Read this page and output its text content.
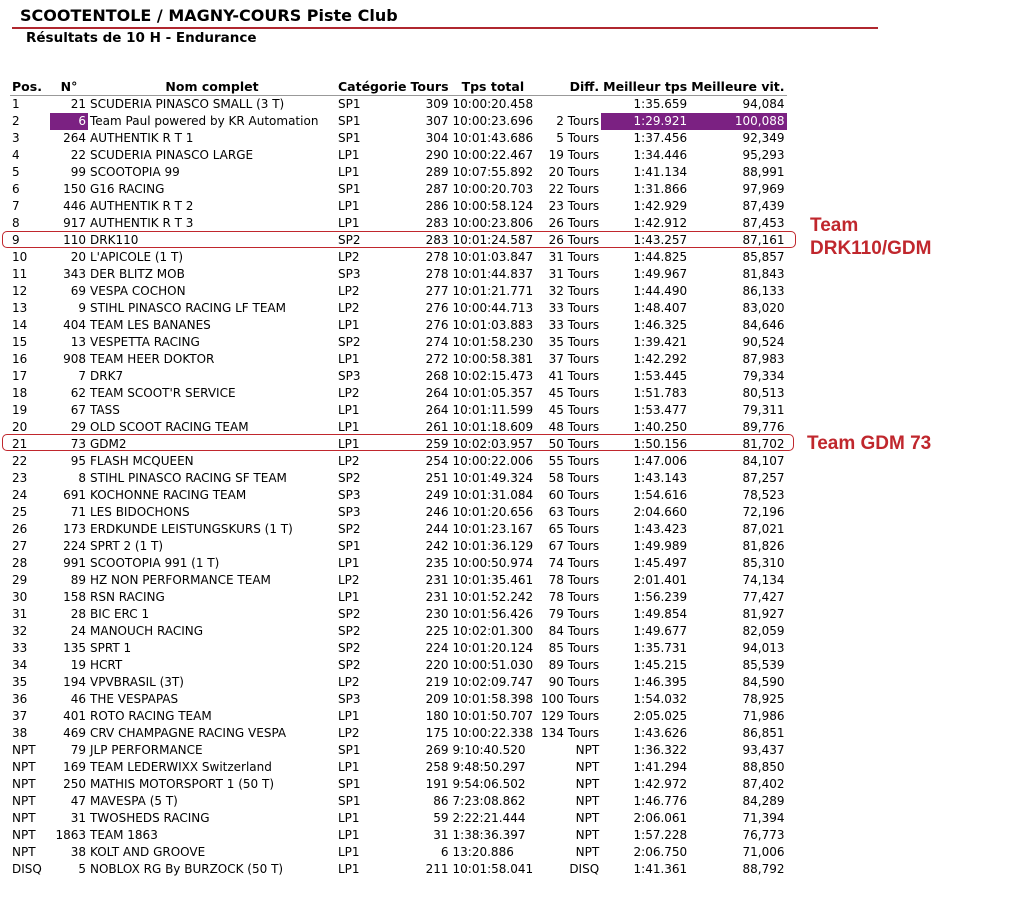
SCOOTENTOLE / MAGNY-COURS Piste Club
Résultats de 10 H - Endurance
Pos.	N°	Nom complet	Catégorie	Tours	Tps total	Diff.	Meilleur tps	Meilleure vit.
1	21	SCUDERIA PINASCO SMALL (3 T)	SP1	309	10:00:20.458		1:35.659	94,084
2	6	Team Paul powered by KR Automation	SP1	307	10:00:23.696	2 Tours	1:29.921	100,088
3	264	AUTHENTIK R T 1	SP1	304	10:01:43.686	5 Tours	1:37.456	92,349
4	22	SCUDERIA PINASCO LARGE	LP1	290	10:00:22.467	19 Tours	1:34.446	95,293
5	99	SCOOTOPIA 99	LP1	289	10:07:55.892	20 Tours	1:41.134	88,991
6	150	G16 RACING	SP1	287	10:00:20.703	22 Tours	1:31.866	97,969
7	446	AUTHENTIK R T 2	LP1	286	10:00:58.124	23 Tours	1:42.929	87,439
8	917	AUTHENTIK R T 3	LP1	283	10:00:23.806	26 Tours	1:42.912	87,453
9	110	DRK110	SP2	283	10:01:24.587	26 Tours	1:43.257	87,161
10	20	L'APICOLE (1 T)	LP2	278	10:01:03.847	31 Tours	1:44.825	85,857
11	343	DER BLITZ MOB	SP3	278	10:01:44.837	31 Tours	1:49.967	81,843
12	69	VESPA COCHON	LP2	277	10:01:21.771	32 Tours	1:44.490	86,133
13	9	STIHL PINASCO RACING LF TEAM	LP2	276	10:00:44.713	33 Tours	1:48.407	83,020
14	404	TEAM LES BANANES	LP1	276	10:01:03.883	33 Tours	1:46.325	84,646
15	13	VESPETTA RACING	SP2	274	10:01:58.230	35 Tours	1:39.421	90,524
16	908	TEAM HEER DOKTOR	LP1	272	10:00:58.381	37 Tours	1:42.292	87,983
17	7	DRK7	SP3	268	10:02:15.473	41 Tours	1:53.445	79,334
18	62	TEAM SCOOT'R SERVICE	LP2	264	10:01:05.357	45 Tours	1:51.783	80,513
19	67	TASS	LP1	264	10:01:11.599	45 Tours	1:53.477	79,311
20	29	OLD SCOOT RACING TEAM	LP1	261	10:01:18.609	48 Tours	1:40.250	89,776
21	73	GDM2	LP1	259	10:02:03.957	50 Tours	1:50.156	81,702
22	95	FLASH MCQUEEN	LP2	254	10:00:22.006	55 Tours	1:47.006	84,107
23	8	STIHL PINASCO RACING SF TEAM	SP2	251	10:01:49.324	58 Tours	1:43.143	87,257
24	691	KOCHONNE RACING TEAM	SP3	249	10:01:31.084	60 Tours	1:54.616	78,523
25	71	LES BIDOCHONS	SP3	246	10:01:20.656	63 Tours	2:04.660	72,196
26	173	ERDKUNDE LEISTUNGSKURS (1 T)	SP2	244	10:01:23.167	65 Tours	1:43.423	87,021
27	224	SPRT 2 (1 T)	SP1	242	10:01:36.129	67 Tours	1:49.989	81,826
28	991	SCOOTOPIA 991 (1 T)	LP1	235	10:00:50.974	74 Tours	1:45.497	85,310
29	89	HZ NON PERFORMANCE TEAM	LP2	231	10:01:35.461	78 Tours	2:01.401	74,134
30	158	RSN RACING	LP1	231	10:01:52.242	78 Tours	1:56.239	77,427
31	28	BIC ERC 1	SP2	230	10:01:56.426	79 Tours	1:49.854	81,927
32	24	MANOUCH RACING	SP2	225	10:02:01.300	84 Tours	1:49.677	82,059
33	135	SPRT 1	SP2	224	10:01:20.124	85 Tours	1:35.731	94,013
34	19	HCRT	SP2	220	10:00:51.030	89 Tours	1:45.215	85,539
35	194	VPVBRASIL (3T)	LP2	219	10:02:09.747	90 Tours	1:46.395	84,590
36	46	THE VESPAPAS	SP3	209	10:01:58.398	100 Tours	1:54.032	78,925
37	401	ROTO RACING TEAM	LP1	180	10:01:50.707	129 Tours	2:05.025	71,986
38	469	CRV CHAMPAGNE RACING VESPA	LP2	175	10:00:22.338	134 Tours	1:43.626	86,851
NPT	79	JLP PERFORMANCE	SP1	269	9:10:40.520	NPT	1:36.322	93,437
NPT	169	TEAM LEDERWIXX Switzerland	LP1	258	9:48:50.297	NPT	1:41.294	88,850
NPT	250	MATHIS MOTORSPORT 1 (50 T)	SP1	191	9:54:06.502	NPT	1:42.972	87,402
NPT	47	MAVESPA (5 T)	SP1	86	7:23:08.862	NPT	1:46.776	84,289
NPT	31	TWOSHEDS RACING	LP1	59	2:22:21.444	NPT	2:06.061	71,394
NPT	1863	TEAM 1863	LP1	31	1:38:36.397	NPT	1:57.228	76,773
NPT	38	KOLT AND GROOVE	LP1	6	13:20.886	NPT	2:06.750	71,006
DISQ	5	NOBLOX RG By BURZOCK (50 T)	LP1	211	10:01:58.041	DISQ	1:41.361	88,792
Team
DRK110/GDM
Team GDM 73
